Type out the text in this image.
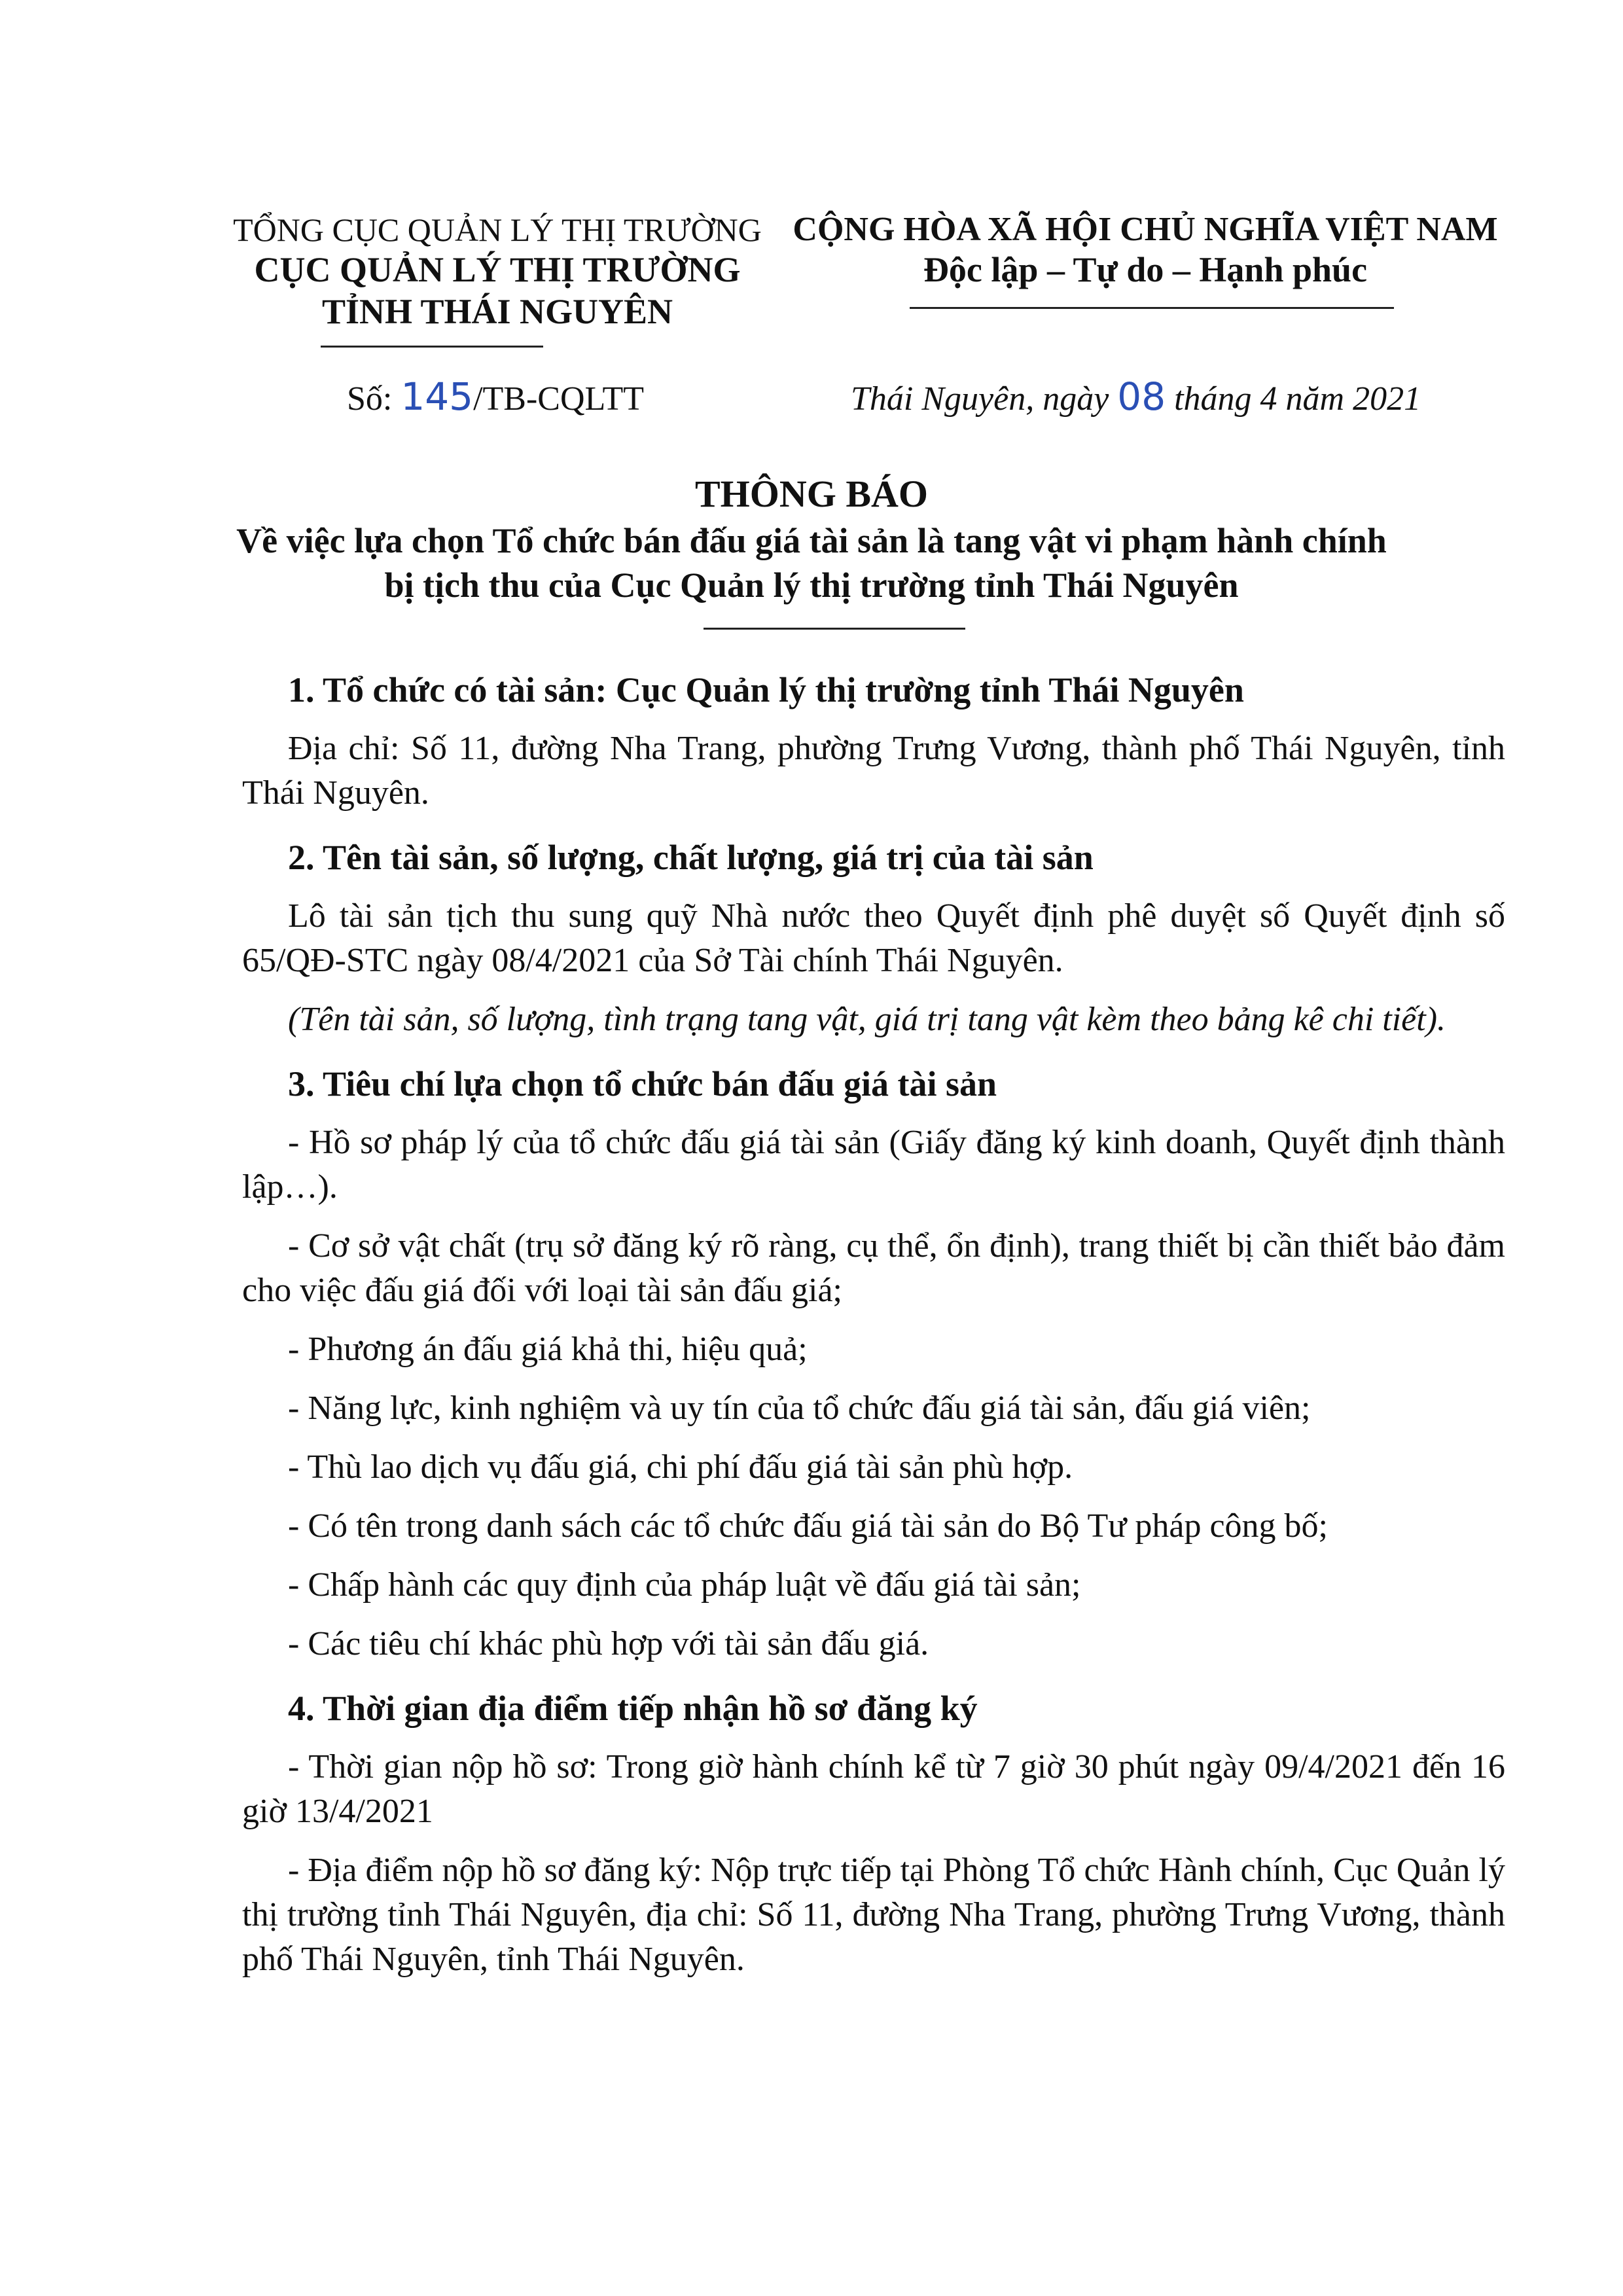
TỔNG CỤC QUẢN LÝ THỊ TRƯỜNG
CỤC QUẢN LÝ THỊ TRƯỜNG
TỈNH THÁI NGUYÊN
CỘNG HÒA XÃ HỘI CHỦ NGHĨA VIỆT NAM
Độc lập – Tự do – Hạnh phúc
Số: 145/TB-CQLTT	Thái Nguyên, ngày 08 tháng 4 năm 2021
THÔNG BÁO
Về việc lựa chọn Tổ chức bán đấu giá tài sản là tang vật vi phạm hành chính
bị tịch thu của Cục Quản lý thị trường tỉnh Thái Nguyên
1. Tổ chức có tài sản: Cục Quản lý thị trường tỉnh Thái Nguyên

Địa chỉ: Số 11, đường Nha Trang, phường Trưng Vương, thành phố Thái Nguyên, tỉnh Thái Nguyên.

2. Tên tài sản, số lượng, chất lượng, giá trị của tài sản

Lô tài sản tịch thu sung quỹ Nhà nước theo Quyết định phê duyệt số Quyết định số 65/QĐ-STC ngày 08/4/2021 của Sở Tài chính Thái Nguyên.

(Tên tài sản, số lượng, tình trạng tang vật, giá trị tang vật kèm theo bảng kê chi tiết).

3. Tiêu chí lựa chọn tổ chức bán đấu giá tài sản

- Hồ sơ pháp lý của tổ chức đấu giá tài sản (Giấy đăng ký kinh doanh, Quyết định thành lập…).

- Cơ sở vật chất (trụ sở đăng ký rõ ràng, cụ thể, ổn định), trang thiết bị cần thiết bảo đảm cho việc đấu giá đối với loại tài sản đấu giá;

- Phương án đấu giá khả thi, hiệu quả;

- Năng lực, kinh nghiệm và uy tín của tổ chức đấu giá tài sản, đấu giá viên;

- Thù lao dịch vụ đấu giá, chi phí đấu giá tài sản phù hợp.

- Có tên trong danh sách các tổ chức đấu giá tài sản do Bộ Tư pháp công bố;

- Chấp hành các quy định của pháp luật về đấu giá tài sản;

- Các tiêu chí khác phù hợp với tài sản đấu giá.

4. Thời gian địa điểm tiếp nhận hồ sơ đăng ký

- Thời gian nộp hồ sơ: Trong giờ hành chính kể từ 7 giờ 30 phút ngày 09/4/2021 đến 16 giờ 13/4/2021

- Địa điểm nộp hồ sơ đăng ký: Nộp trực tiếp tại Phòng Tổ chức Hành chính, Cục Quản lý thị trường tỉnh Thái Nguyên, địa chỉ: Số 11, đường Nha Trang, phường Trưng Vương, thành phố Thái Nguyên, tỉnh Thái Nguyên.
